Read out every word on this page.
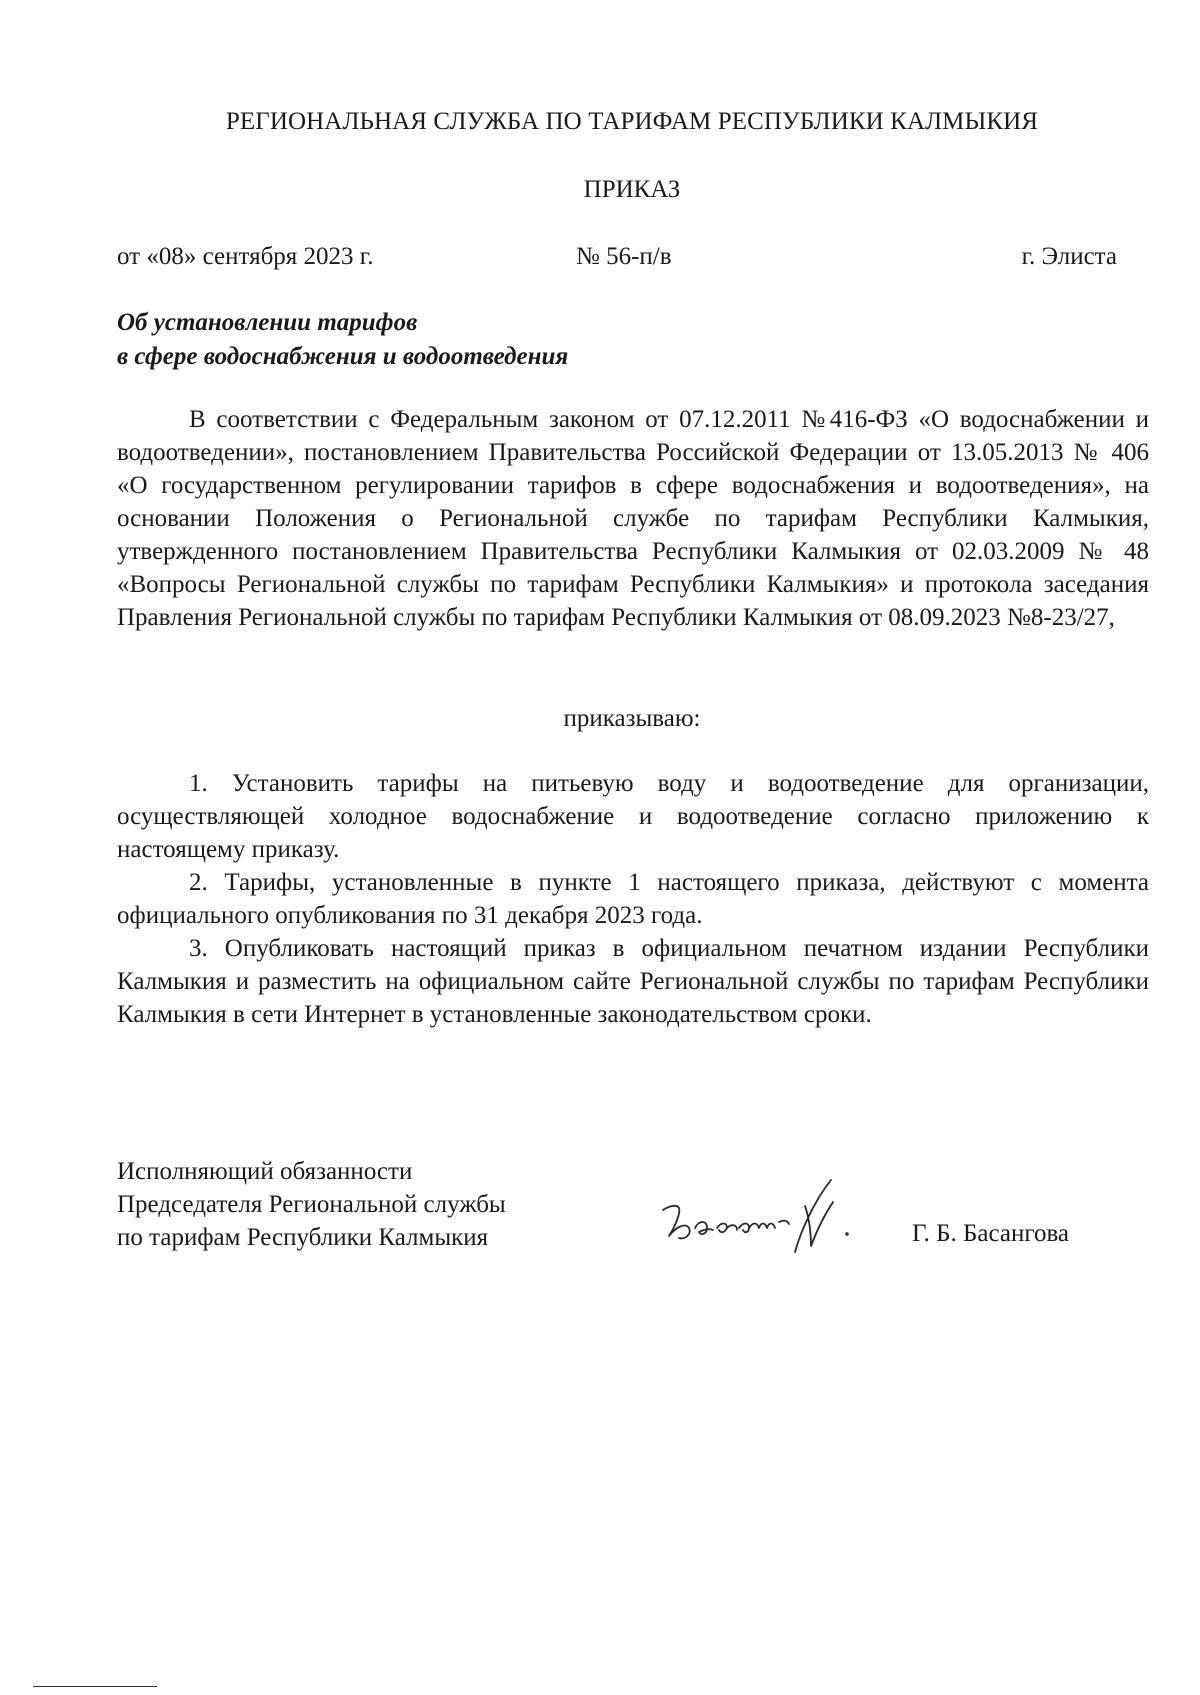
РЕГИОНАЛЬНАЯ СЛУЖБА ПО ТАРИФАМ РЕСПУБЛИКИ КАЛМЫКИЯ
ПРИКАЗ
от «08» сентября 2023 г.	№ 56-п/в	г. Элиста
Об установлении тарифов
в сфере водоснабжения и водоотведения

В соответствии с Федеральным законом от 07.12.2011 №416-ФЗ «О водоснабжении и водоотведении», постановлением Правительства Российской Федерации от 13.05.2013 № 406 «О государственном регулировании тарифов в сфере водоснабжения и водоотведения», на основании Положения о Региональной службе по тарифам Республики Калмыкия, утвержденного постановлением Правительства Республики Калмыкия от 02.03.2009 № 48 «Вопросы Региональной службы по тарифам Республики Калмыкия» и протокола заседания Правления Региональной службы по тарифам Республики Калмыкия от 08.09.2023 №8-23/27,

приказываю:

1. Установить тарифы на питьевую воду и водоотведение для организации, осуществляющей холодное водоснабжение и водоотведение согласно приложению к настоящему приказу.

2. Тарифы, установленные в пункте 1 настоящего приказа, действуют с момента официального опубликования по 31 декабря 2023 года.

3. Опубликовать настоящий приказ в официальном печатном издании Республики Калмыкия и разместить на официальном сайте Региональной службы по тарифам Республики Калмыкия в сети Интернет в установленные законодательством сроки.

Исполняющий обязанности
Председателя Региональной службы
по тарифам Республики Калмыкия	Г. Б. Басангова
